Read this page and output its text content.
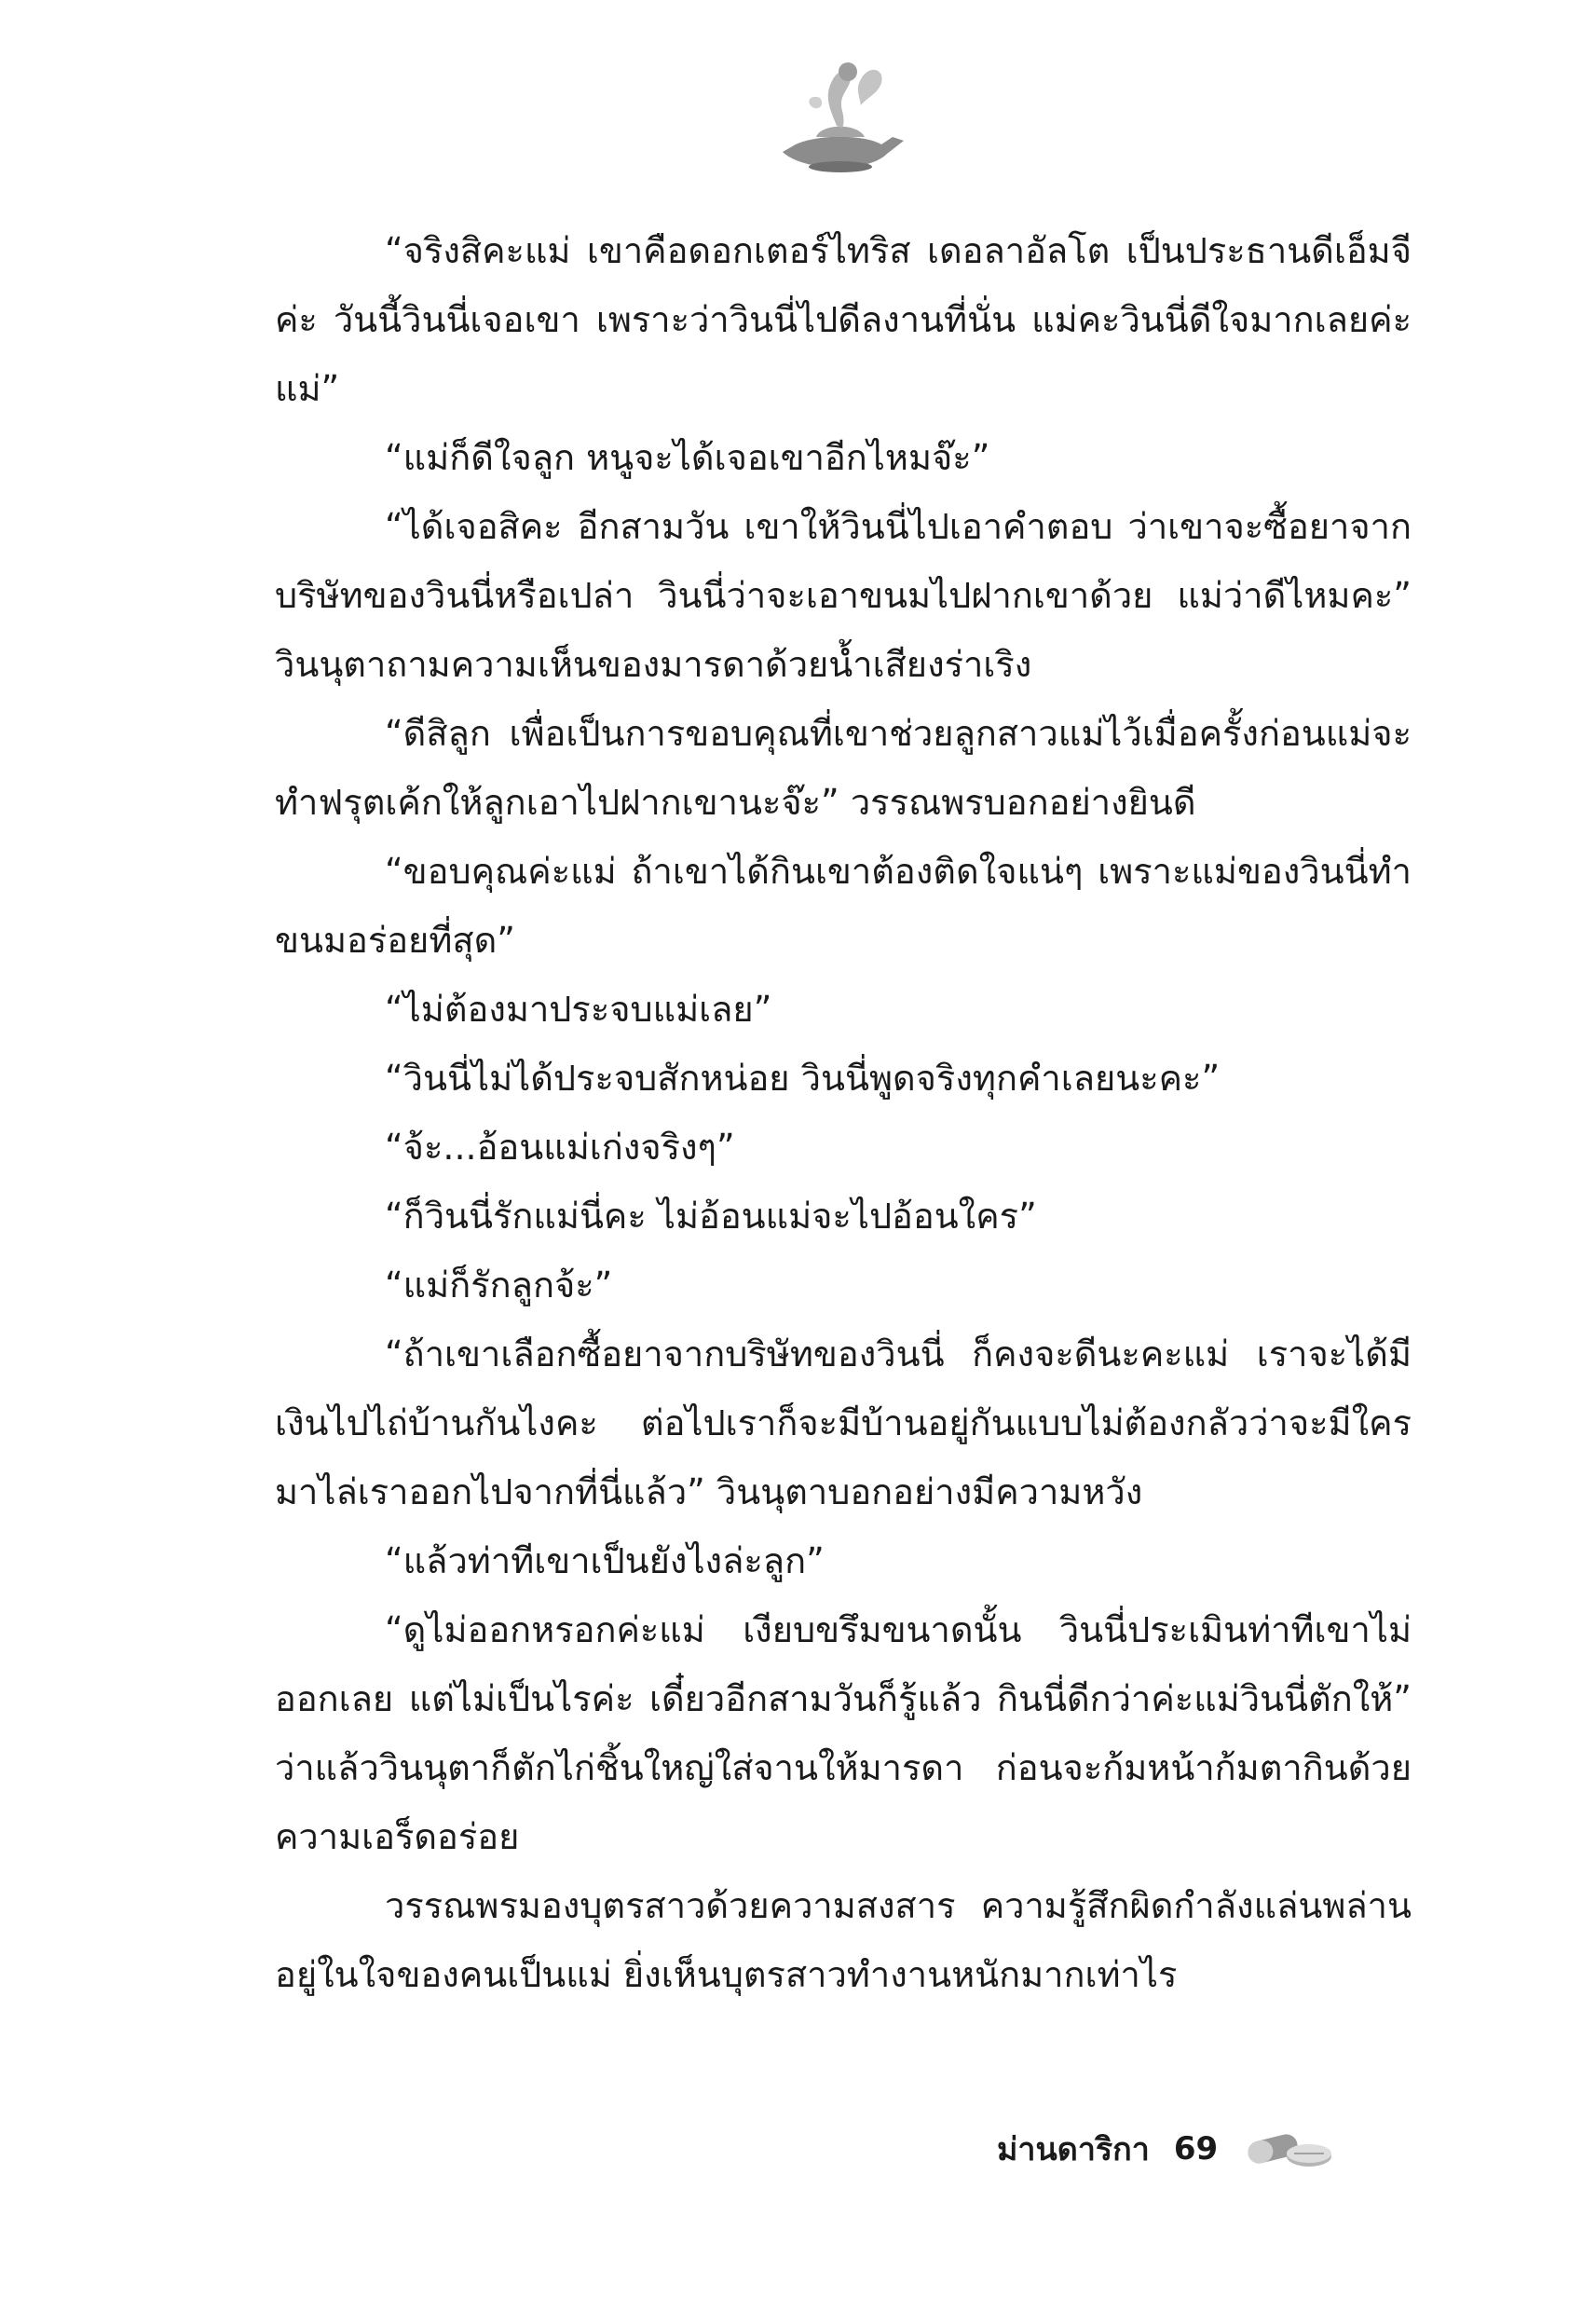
“จริงสิคะแม่ เขาคือดอกเตอร์ไทริส เดอลาอัลโต เป็นประธานดีเอ็มจีค่ะ วันนี้วินนี่เจอเขา เพราะว่าวินนี่ไปดีลงานที่นั่น แม่คะวินนี่ดีใจมากเลยค่ะแม่”

“แม่ก็ดีใจลูก หนูจะได้เจอเขาอีกไหมจ๊ะ”

“ได้เจอสิคะ อีกสามวัน เขาให้วินนี่ไปเอาคำตอบ ว่าเขาจะซื้อยาจากบริษัทของวินนี่หรือเปล่า วินนี่ว่าจะเอาขนมไปฝากเขาด้วย แม่ว่าดีไหมคะ” วินนุตาถามความเห็นของมารดาด้วยน้ำเสียงร่าเริง

“ดีสิลูก เพื่อเป็นการขอบคุณที่เขาช่วยลูกสาวแม่ไว้เมื่อครั้งก่อนแม่จะทำฟรุตเค้กให้ลูกเอาไปฝากเขานะจ๊ะ” วรรณพรบอกอย่างยินดี

“ขอบคุณค่ะแม่ ถ้าเขาได้กินเขาต้องติดใจแน่ๆ เพราะแม่ของวินนี่ทำขนมอร่อยที่สุด”

“ไม่ต้องมาประจบแม่เลย”

“วินนี่ไม่ได้ประจบสักหน่อย วินนี่พูดจริงทุกคำเลยนะคะ”

“จ้ะ...อ้อนแม่เก่งจริงๆ”

“ก็วินนี่รักแม่นี่คะ ไม่อ้อนแม่จะไปอ้อนใคร”

“แม่ก็รักลูกจ้ะ”

“ถ้าเขาเลือกซื้อยาจากบริษัทของวินนี่ ก็คงจะดีนะคะแม่ เราจะได้มีเงินไปไถ่บ้านกันไงคะ ต่อไปเราก็จะมีบ้านอยู่กันแบบไม่ต้องกลัวว่าจะมีใครมาไล่เราออกไปจากที่นี่แล้ว” วินนุตาบอกอย่างมีความหวัง

“แล้วท่าทีเขาเป็นยังไงล่ะลูก”

“ดูไม่ออกหรอกค่ะแม่ เงียบขรึมขนาดนั้น วินนี่ประเมินท่าทีเขาไม่ออกเลย แต่ไม่เป็นไรค่ะ เดี๋ยวอีกสามวันก็รู้แล้ว กินนี่ดีกว่าค่ะแม่วินนี่ตักให้” ว่าแล้ววินนุตาก็ตักไก่ชิ้นใหญ่ใส่จานให้มารดา ก่อนจะก้มหน้าก้มตากินด้วยความเอร็ดอร่อย

วรรณพรมองบุตรสาวด้วยความสงสาร ความรู้สึกผิดกำลังแล่นพล่านอยู่ในใจของคนเป็นแม่ ยิ่งเห็นบุตรสาวทำงานหนักมากเท่าไร

ม่านดาริกา 69
